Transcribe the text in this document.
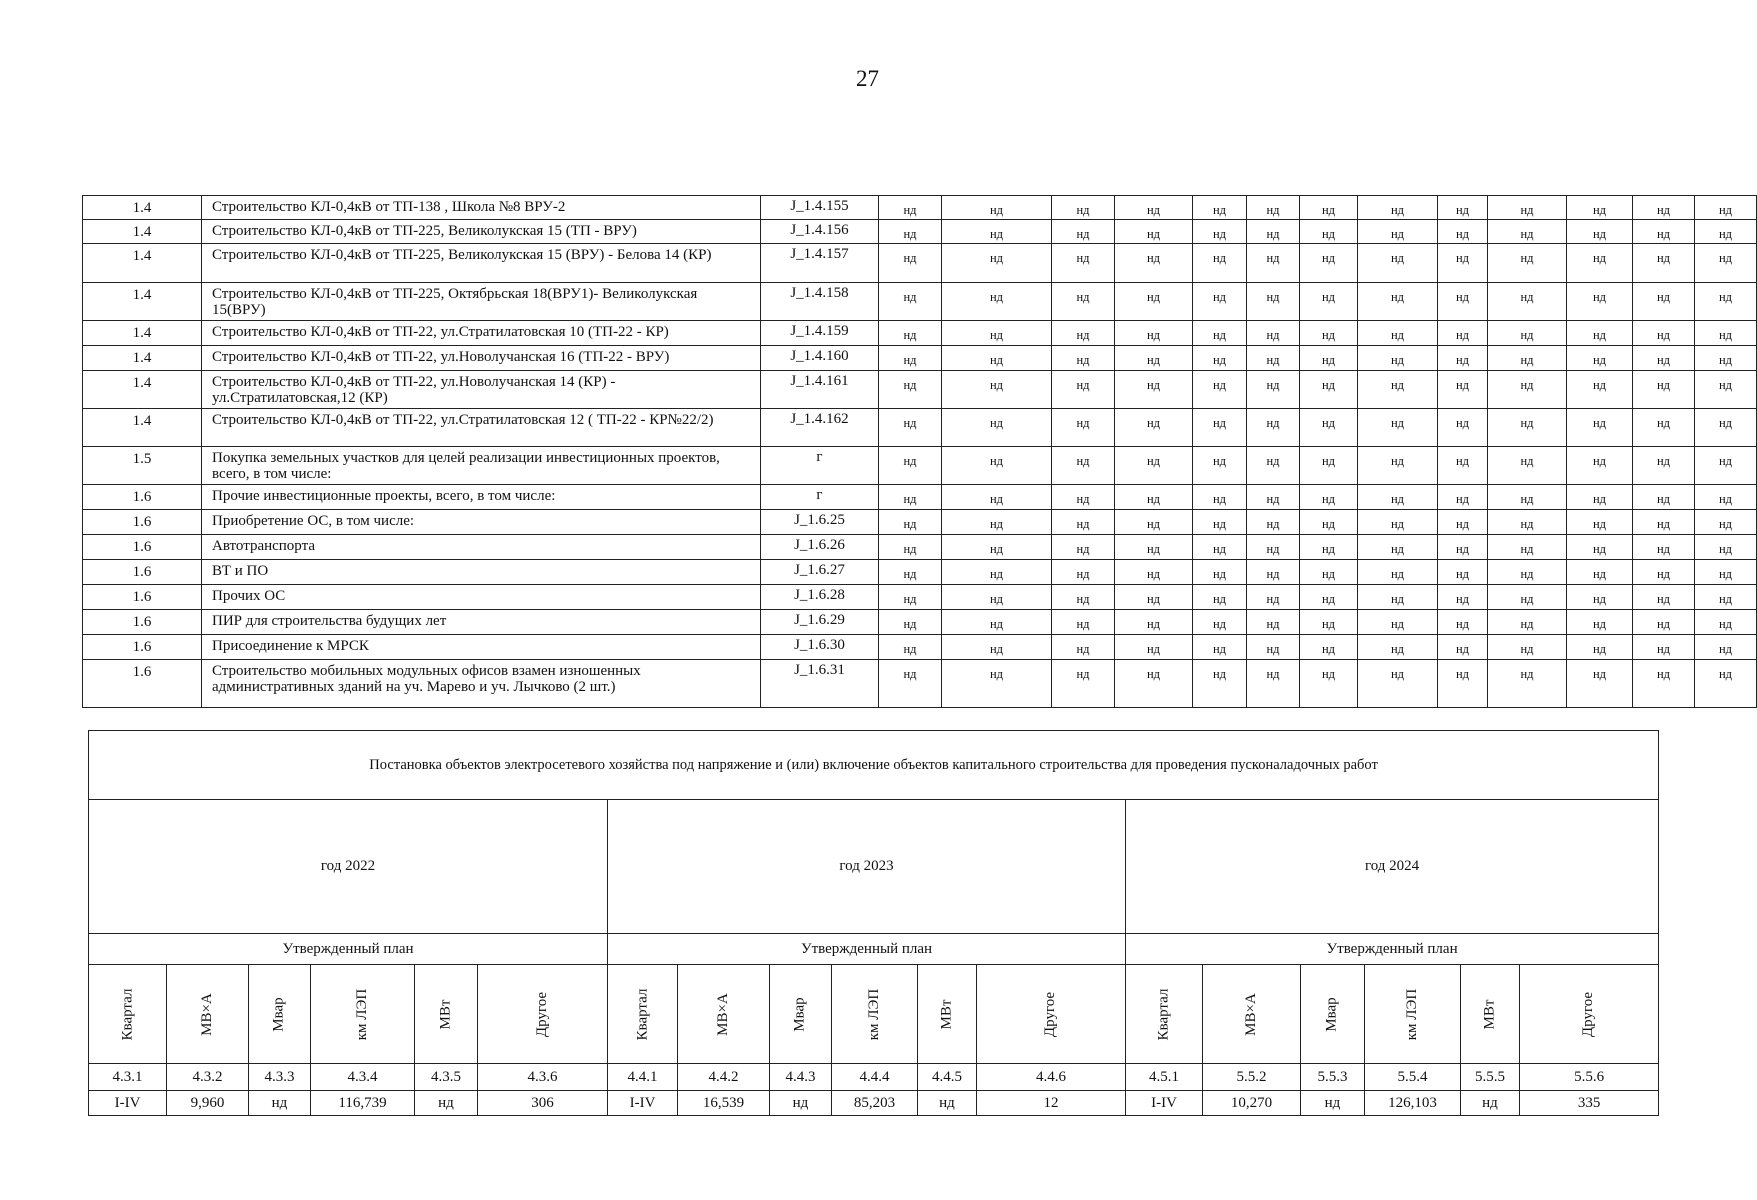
27
1.4	Строительство КЛ-0,4кВ от ТП-138 , Школа №8 ВРУ-2	J_1.4.155	нд	нд	нд	нд	нд	нд	нд	нд	нд	нд	нд	нд	нд	
1.4	Строительство КЛ-0,4кВ от ТП-225, Великолукская 15 (ТП - ВРУ)	J_1.4.156	нд	нд	нд	нд	нд	нд	нд	нд	нд	нд	нд	нд	нд	
1.4	Строительство КЛ-0,4кВ от ТП-225, Великолукская 15 (ВРУ) - Белова 14 (КР)	J_1.4.157	нд	нд	нд	нд	нд	нд	нд	нд	нд	нд	нд	нд	нд	
1.4	Строительство КЛ-0,4кВ от ТП-225, Октябрьская 18(ВРУ1)- Великолукская 15(ВРУ)	J_1.4.158	нд	нд	нд	нд	нд	нд	нд	нд	нд	нд	нд	нд	нд	
1.4	Строительство КЛ-0,4кВ от ТП-22, ул.Стратилатовская 10 (ТП-22 - КР)	J_1.4.159	нд	нд	нд	нд	нд	нд	нд	нд	нд	нд	нд	нд	нд	
1.4	Строительство КЛ-0,4кВ от ТП-22, ул.Новолучанская 16 (ТП-22 - ВРУ)	J_1.4.160	нд	нд	нд	нд	нд	нд	нд	нд	нд	нд	нд	нд	нд	
1.4	Строительство КЛ-0,4кВ от ТП-22, ул.Новолучанская 14 (КР) - ул.Стратилатовская,12 (КР)	J_1.4.161	нд	нд	нд	нд	нд	нд	нд	нд	нд	нд	нд	нд	нд	
1.4	Строительство КЛ-0,4кВ от ТП-22, ул.Стратилатовская 12 ( ТП-22 - КР№22/2)	J_1.4.162	нд	нд	нд	нд	нд	нд	нд	нд	нд	нд	нд	нд	нд	
1.5	Покупка земельных участков для целей реализации инвестиционных проектов, всего, в том числе:	г	нд	нд	нд	нд	нд	нд	нд	нд	нд	нд	нд	нд	нд	
1.6	Прочие инвестиционные проекты, всего, в том числе:	г	нд	нд	нд	нд	нд	нд	нд	нд	нд	нд	нд	нд	нд	
1.6	Приобретение ОС, в том числе:	J_1.6.25	нд	нд	нд	нд	нд	нд	нд	нд	нд	нд	нд	нд	нд	
1.6	Автотранспорта	J_1.6.26	нд	нд	нд	нд	нд	нд	нд	нд	нд	нд	нд	нд	нд	
1.6	ВТ и ПО	J_1.6.27	нд	нд	нд	нд	нд	нд	нд	нд	нд	нд	нд	нд	нд	
1.6	Прочих ОС	J_1.6.28	нд	нд	нд	нд	нд	нд	нд	нд	нд	нд	нд	нд	нд	
1.6	ПИР для строительства будущих лет	J_1.6.29	нд	нд	нд	нд	нд	нд	нд	нд	нд	нд	нд	нд	нд	
1.6	Присоединение к МРСК	J_1.6.30	нд	нд	нд	нд	нд	нд	нд	нд	нд	нд	нд	нд	нд	
1.6	Строительство мобильных модульных офисов взамен изношенных административных зданий на уч. Марево и уч. Лычково (2 шт.)	J_1.6.31	нд	нд	нд	нд	нд	нд	нд	нд	нд	нд	нд	нд	нд	
Постановка объектов электросетевого хозяйства под напряжение и (или) включение объектов капитального строительства для проведения пусконаладочных работ																	
год 2022						год 2023						год 2024					
Утвержденный план						Утвержденный план						Утвержденный план					
Квартал	МВ×А	Мвар	км ЛЭП	МВт	Другое	Квартал	МВ×А	Мвар	км ЛЭП	МВт	Другое	Квартал	МВ×А	Мвар	км ЛЭП	МВт	Другое
4.3.1	4.3.2	4.3.3	4.3.4	4.3.5	4.3.6	4.4.1	4.4.2	4.4.3	4.4.4	4.4.5	4.4.6	4.5.1	5.5.2	5.5.3	5.5.4	5.5.5	5.5.6
I-IV	9,960	нд	116,739	нд	306	I-IV	16,539	нд	85,203	нд	12	I-IV	10,270	нд	126,103	нд	335
